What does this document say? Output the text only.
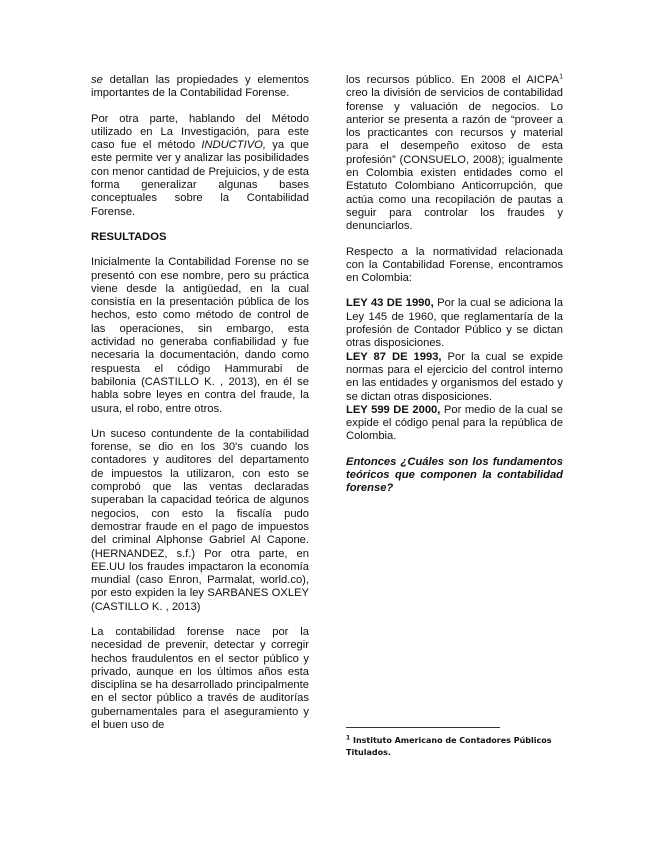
se detallan las propiedades y elementos importantes de la Contabilidad Forense.

Por otra parte, hablando del Método utilizado en La Investigación, para este caso fue el método INDUCTIVO, ya que este permite ver y analizar las posibilidades con menor cantidad de Prejuicios, y de esta forma generalizar algunas bases conceptuales sobre la Contabilidad Forense.

RESULTADOS

Inicialmente la Contabilidad Forense no se presentó con ese nombre, pero su práctica viene desde la antigüedad, en la cual consistía en la presentación pública de los hechos, esto como método de control de las operaciones, sin embargo, esta actividad no generaba confiabilidad y fue necesaria la documentación, dando como respuesta el código Hammurabi de babilonia (CASTILLO K. , 2013), en él se habla sobre leyes en contra del fraude, la usura, el robo, entre otros.

Un suceso contundente de la contabilidad forense, se dio en los 30's cuando los contadores y auditores del departamento de impuestos la utilizaron, con esto se comprobó que las ventas declaradas superaban la capacidad teórica de algunos negocios, con esto la fiscalía pudo demostrar fraude en el pago de impuestos del criminal Alphonse Gabriel Al Capone. (HERNANDEZ, s.f.) Por otra parte, en EE.UU los fraudes impactaron la economía mundial (caso Enron, Parmalat, world.co), por esto expiden la ley SARBANES OXLEY (CASTILLO K. , 2013)

La contabilidad forense nace por la necesidad de prevenir, detectar y corregir hechos fraudulentos en el sector público y privado, aunque en los últimos años esta disciplina se ha desarrollado principalmente en el sector público a través de auditorías gubernamentales para el aseguramiento y el buen uso de

los recursos público. En 2008 el AICPA$^1$ creo la división de servicios de contabilidad forense y valuación de negocios. Lo anterior se presenta a razón de “proveer a los practicantes con recursos y material para el desempeño exitoso de esta profesión” (CONSUELO, 2008); igualmente en Colombia existen entidades como el Estatuto Colombiano Anticorrupción, que actúa como una recopilación de pautas a seguir para controlar los fraudes y denunciarlos.

Respecto a la normatividad relacionada con la Contabilidad Forense, encontramos en Colombia:

LEY 43 DE 1990, Por la cual se adiciona la Ley 145 de 1960, que reglamentaría de la profesión de Contador Público y se dictan otras disposiciones.

LEY 87 DE 1993, Por la cual se expide normas para el ejercicio del control interno en las entidades y organismos del estado y se dictan otras disposiciones.

LEY 599 DE 2000, Por medio de la cual se expide el código penal para la república de Colombia.

Entonces ¿Cuáles son los fundamentos teóricos que componen la contabilidad forense?

$^1$ Instituto Americano de Contadores Públicos Titulados.
